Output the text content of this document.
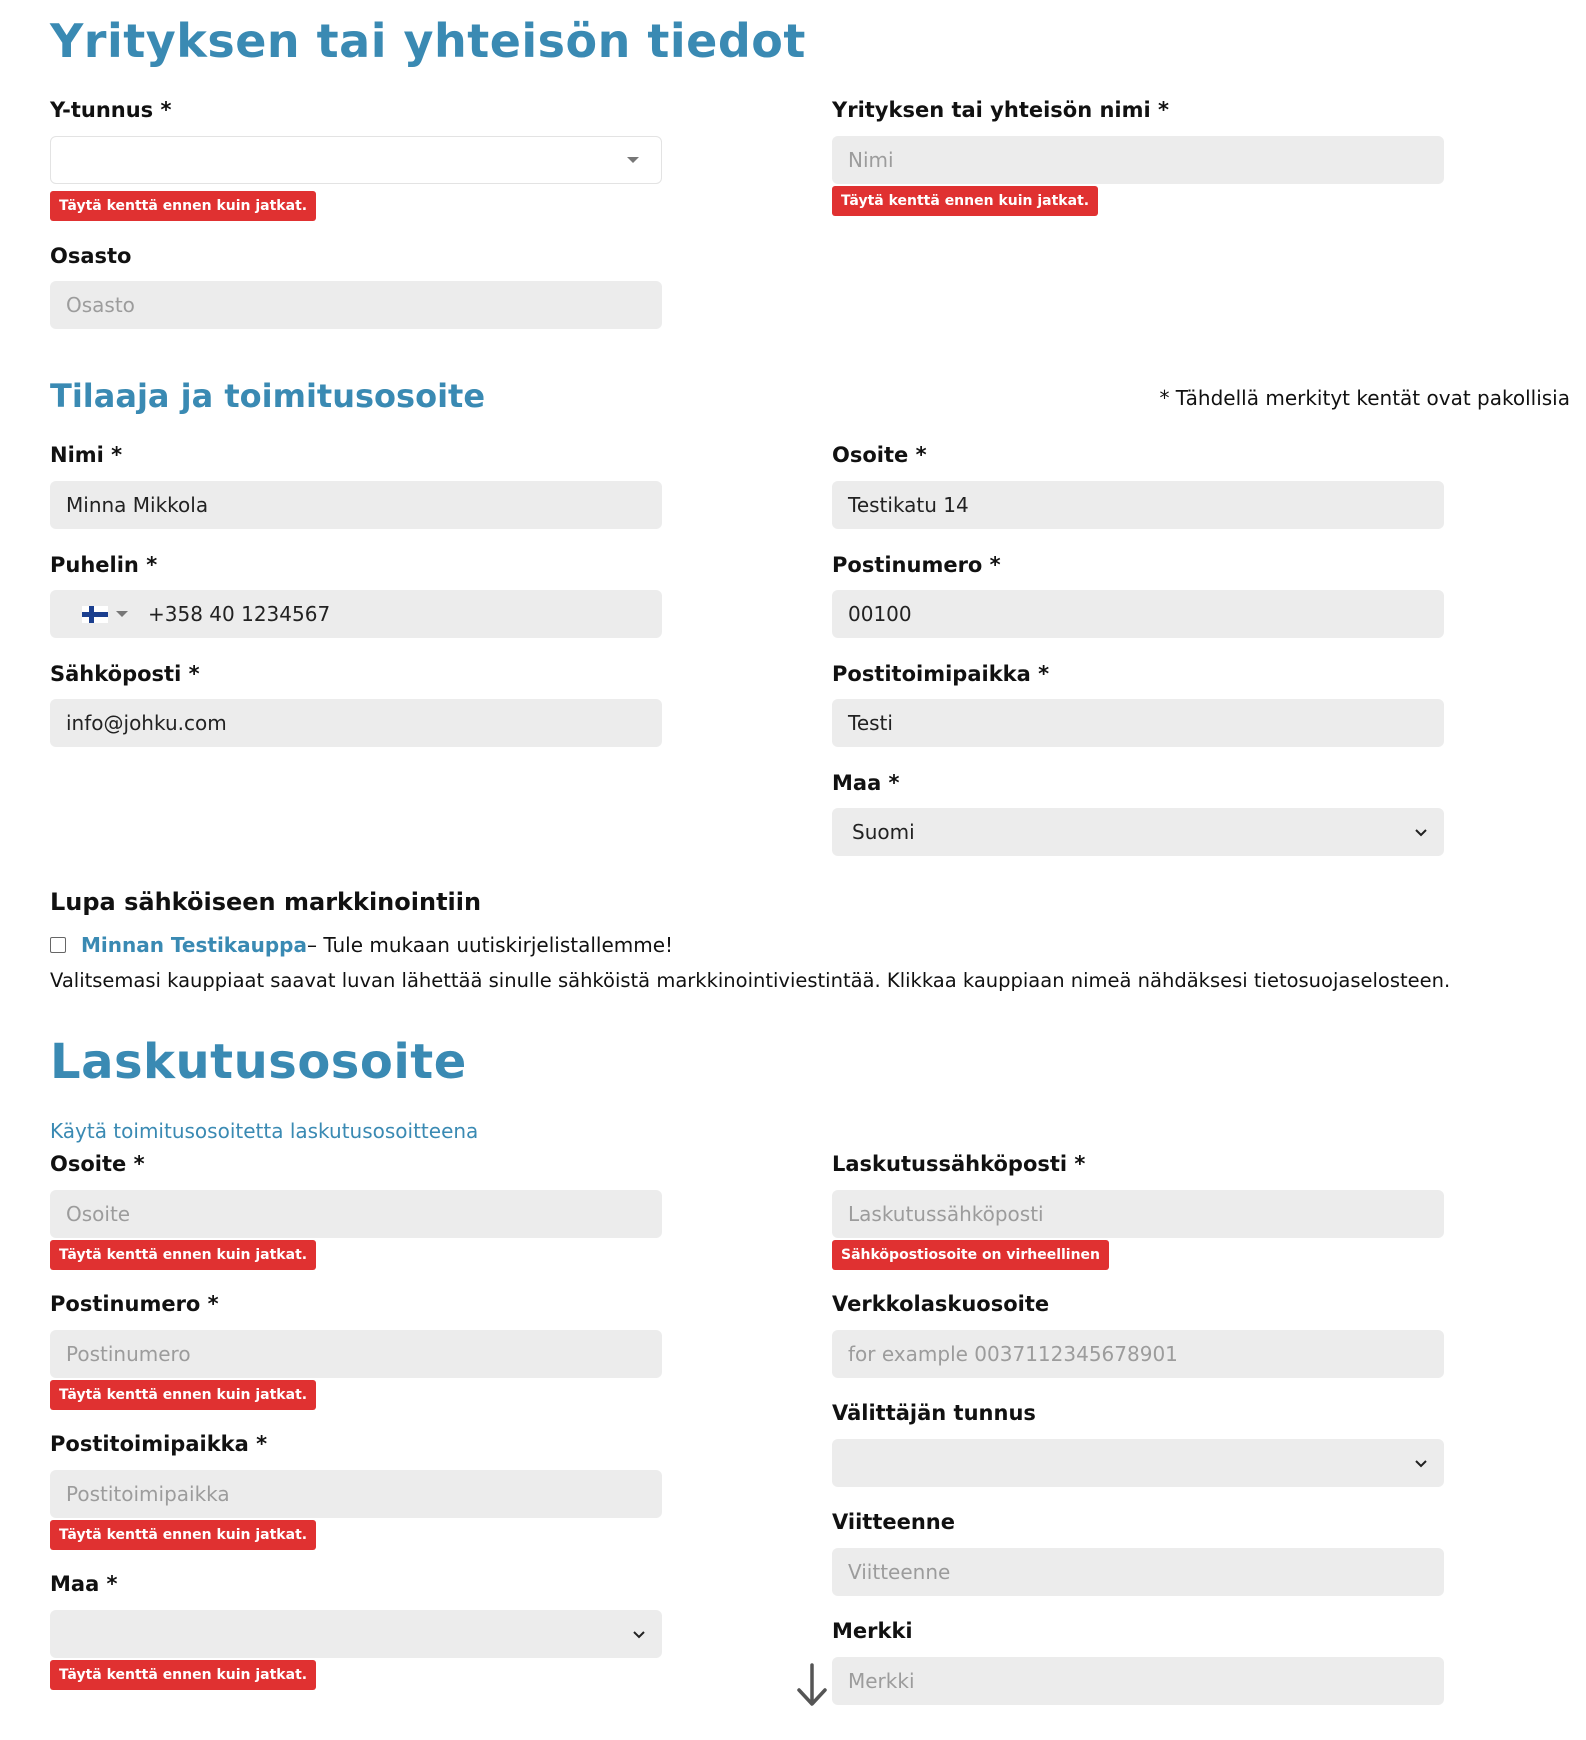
Yrityksen tai yhteisön tiedot
Y-tunnus *
Täytä kenttä ennen kuin jatkat.
Yrityksen tai yhteisön nimi *
Nimi
Täytä kenttä ennen kuin jatkat.
Osasto
Osasto
Tilaaja ja toimitusosoite	* Tähdellä merkityt kentät ovat pakollisia
Nimi *
Minna Mikkola
Osoite *
Testikatu 14
Puhelin *
+358 40 1234567
Postinumero *
00100
Sähköposti *
info@johku.com
Postitoimipaikka *
Testi
Maa *
Suomi
Lupa sähköiseen markkinointiin
Minnan Testikauppa – Tule mukaan uutiskirjelistallemme!
Valitsemasi kauppiaat saavat luvan lähettää sinulle sähköistä markkinointiviestintää. Klikkaa kauppiaan nimeä nähdäksesi tietosuojaselosteen.
Laskutusosoite
Käytä toimitusosoitetta laskutusosoitteena
Osoite *
Osoite
Täytä kenttä ennen kuin jatkat.
Laskutussähköposti *
Laskutussähköposti
Sähköpostiosoite on virheellinen
Postinumero *
Postinumero
Täytä kenttä ennen kuin jatkat.
Verkkolaskuosoite
for example 003711234567890​1
Postitoimipaikka *
Postitoimipaikka
Täytä kenttä ennen kuin jatkat.
Välittäjän tunnus
Viitteenne
Viitteenne
Maa *
Täytä kenttä ennen kuin jatkat.
Merkki
Merkki
